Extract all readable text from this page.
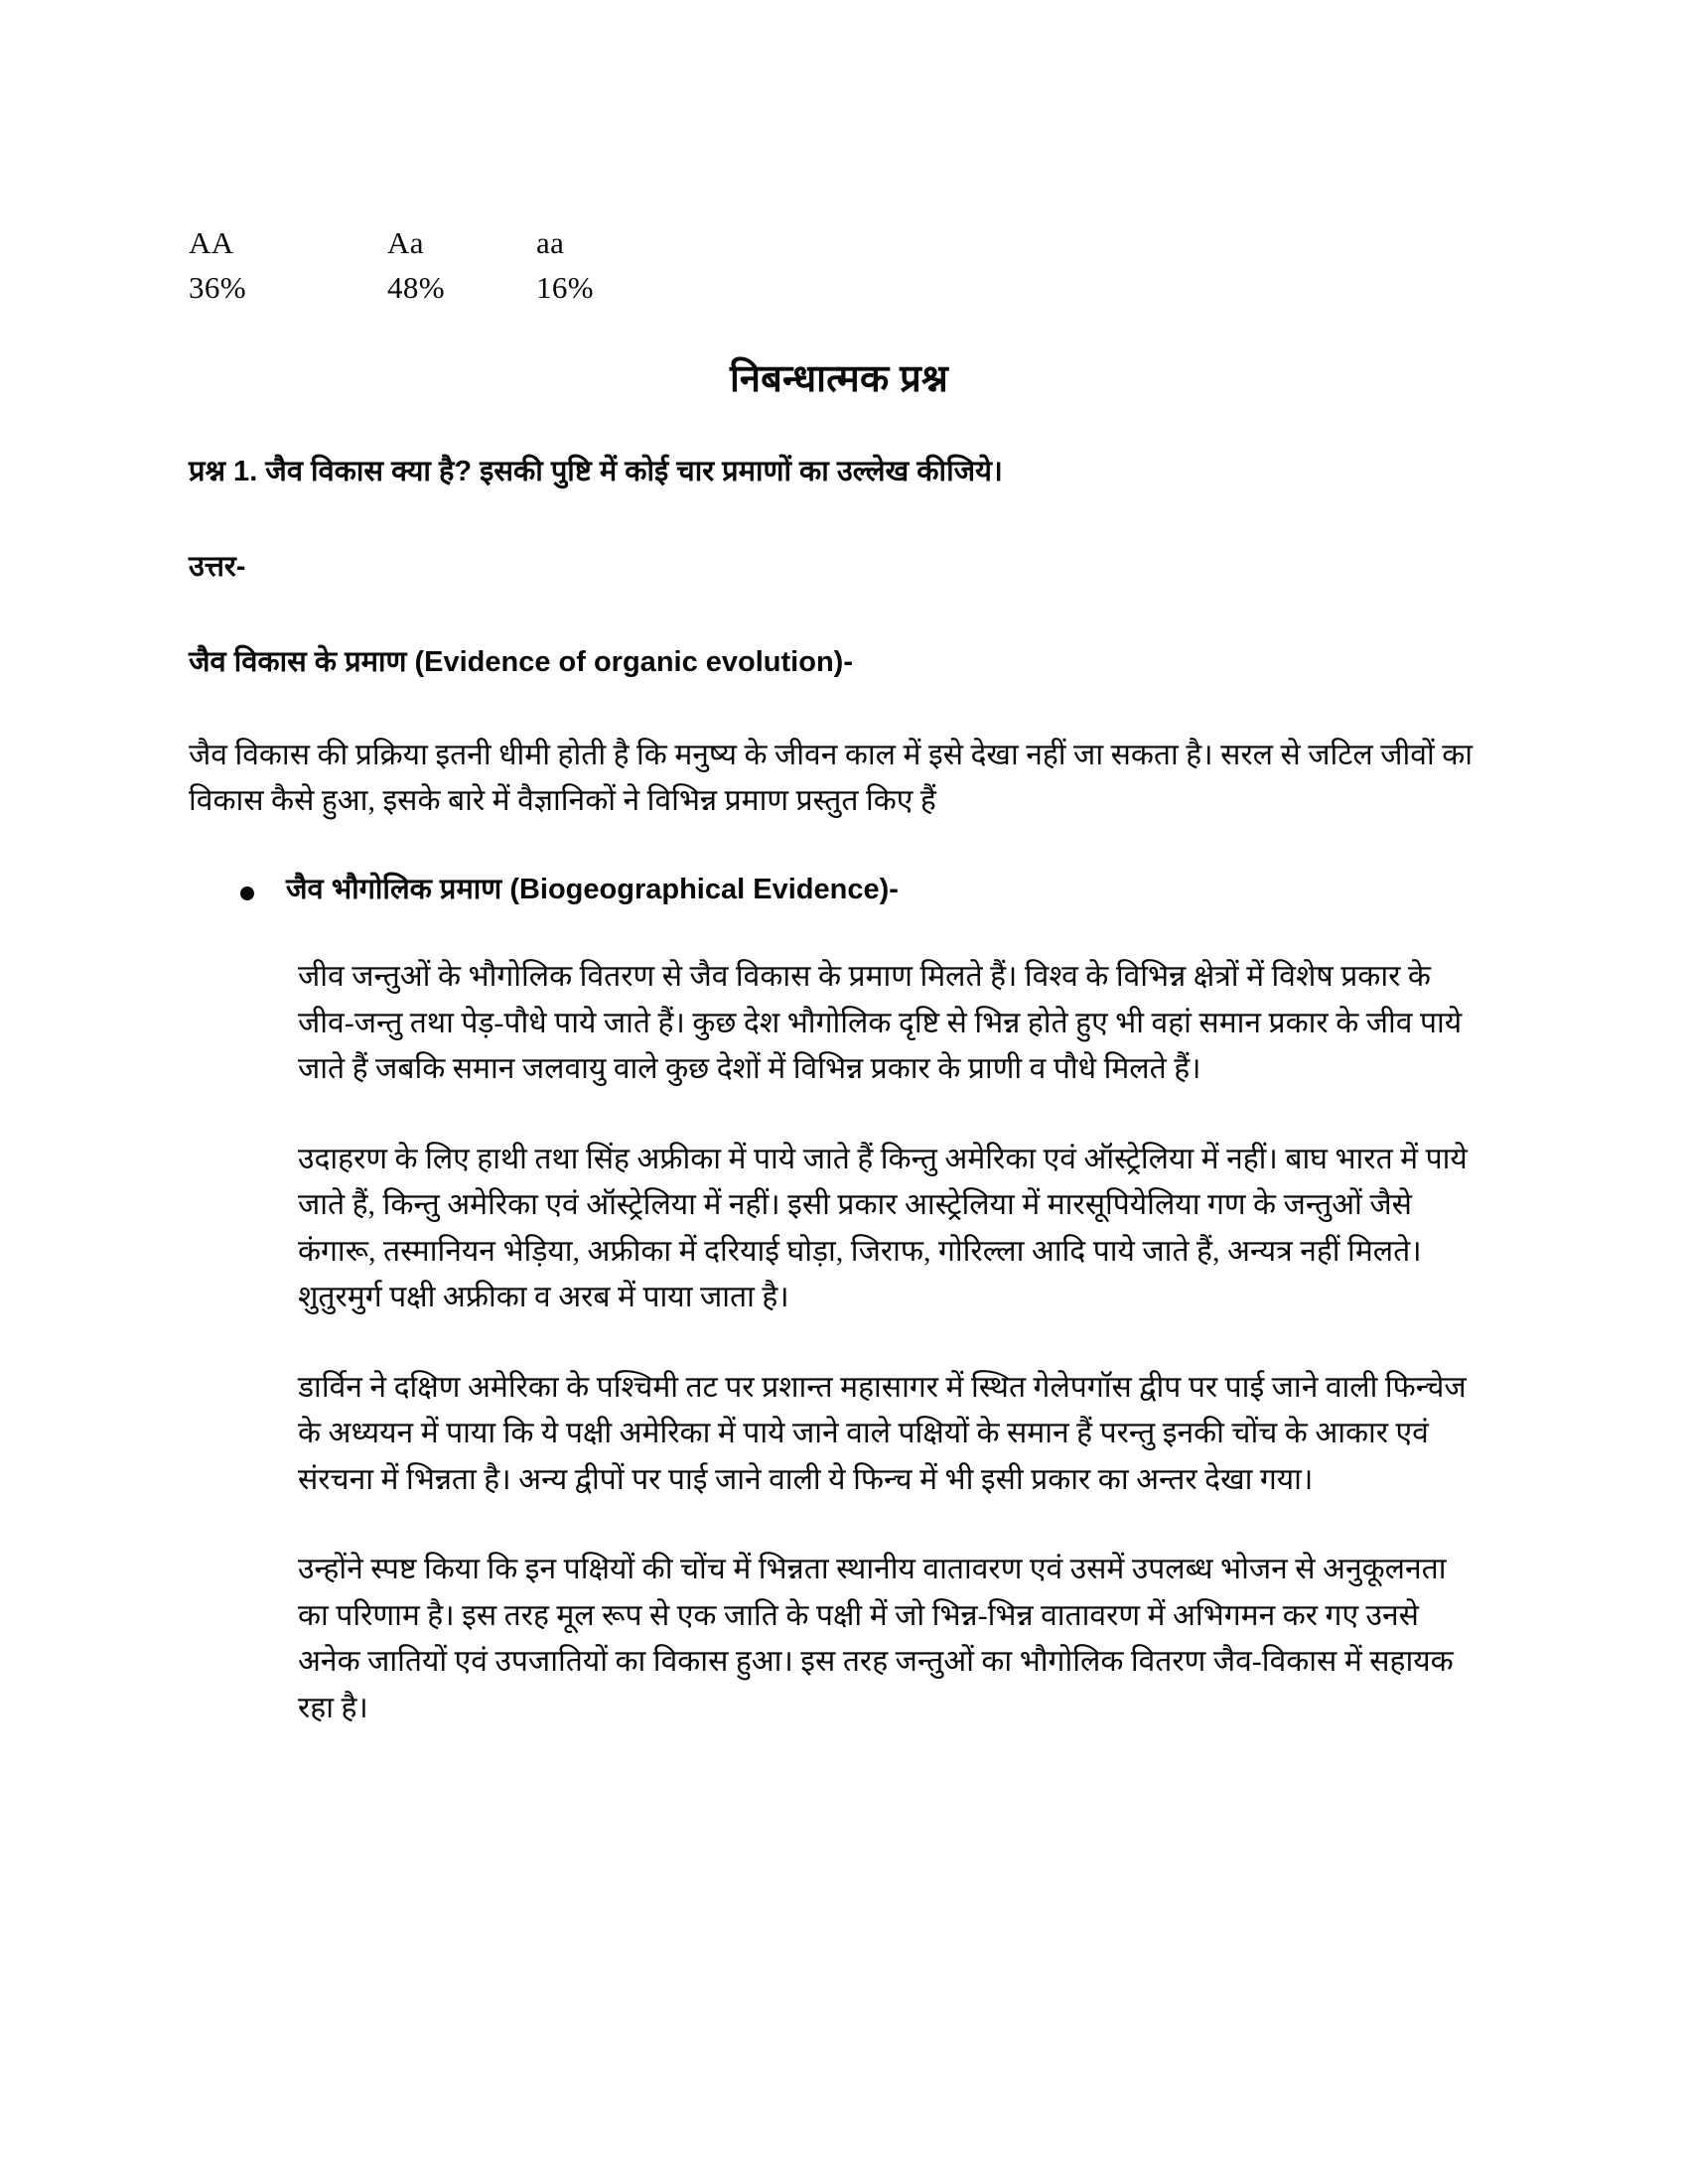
AA	Aa	aa
36%	48%	16%
निबन्धात्मक प्रश्न

प्रश्न 1. जैव विकास क्या है? इसकी पुष्टि में कोई चार प्रमाणों का उल्लेख कीजिये।

उत्तर-

जैव विकास के प्रमाण (Evidence of organic evolution)-

जैव विकास की प्रक्रिया इतनी धीमी होती है कि मनुष्य के जीवन काल में इसे देखा नहीं जा सकता है। सरल से जटिल जीवों का विकास कैसे हुआ, इसके बारे में वैज्ञानिकों ने विभिन्न प्रमाण प्रस्तुत किए हैं

जैव भौगोलिक प्रमाण (Biogeographical Evidence)-

जीव जन्तुओं के भौगोलिक वितरण से जैव विकास के प्रमाण मिलते हैं। विश्व के विभिन्न क्षेत्रों में विशेष प्रकार के जीव-जन्तु तथा पेड़-पौधे पाये जाते हैं। कुछ देश भौगोलिक दृष्टि से भिन्न होते हुए भी वहां समान प्रकार के जीव पाये जाते हैं जबकि समान जलवायु वाले कुछ देशों में विभिन्न प्रकार के प्राणी व पौधे मिलते हैं।

उदाहरण के लिए हाथी तथा सिंह अफ्रीका में पाये जाते हैं किन्तु अमेरिका एवं ऑस्ट्रेलिया में नहीं। बाघ भारत में पाये जाते हैं, किन्तु अमेरिका एवं ऑस्ट्रेलिया में नहीं। इसी प्रकार आस्ट्रेलिया में मारसूपियेलिया गण के जन्तुओं जैसे कंगारू, तस्मानियन भेड़िया, अफ्रीका में दरियाई घोड़ा, जिराफ, गोरिल्ला आदि पाये जाते हैं, अन्यत्र नहीं मिलते। शुतुरमुर्ग पक्षी अफ्रीका व अरब में पाया जाता है।

डार्विन ने दक्षिण अमेरिका के पश्चिमी तट पर प्रशान्त महासागर में स्थित गेलेपगॉस द्वीप पर पाई जाने वाली फिन्चेज के अध्ययन में पाया कि ये पक्षी अमेरिका में पाये जाने वाले पक्षियों के समान हैं परन्तु इनकी चोंच के आकार एवं संरचना में भिन्नता है। अन्य द्वीपों पर पाई जाने वाली ये फिन्च में भी इसी प्रकार का अन्तर देखा गया।

उन्होंने स्पष्ट किया कि इन पक्षियों की चोंच में भिन्नता स्थानीय वातावरण एवं उसमें उपलब्ध भोजन से अनुकूलनता का परिणाम है। इस तरह मूल रूप से एक जाति के पक्षी में जो भिन्न-भिन्न वातावरण में अभिगमन कर गए उनसे अनेक जातियों एवं उपजातियों का विकास हुआ। इस तरह जन्तुओं का भौगोलिक वितरण जैव-विकास में सहायक रहा है।
